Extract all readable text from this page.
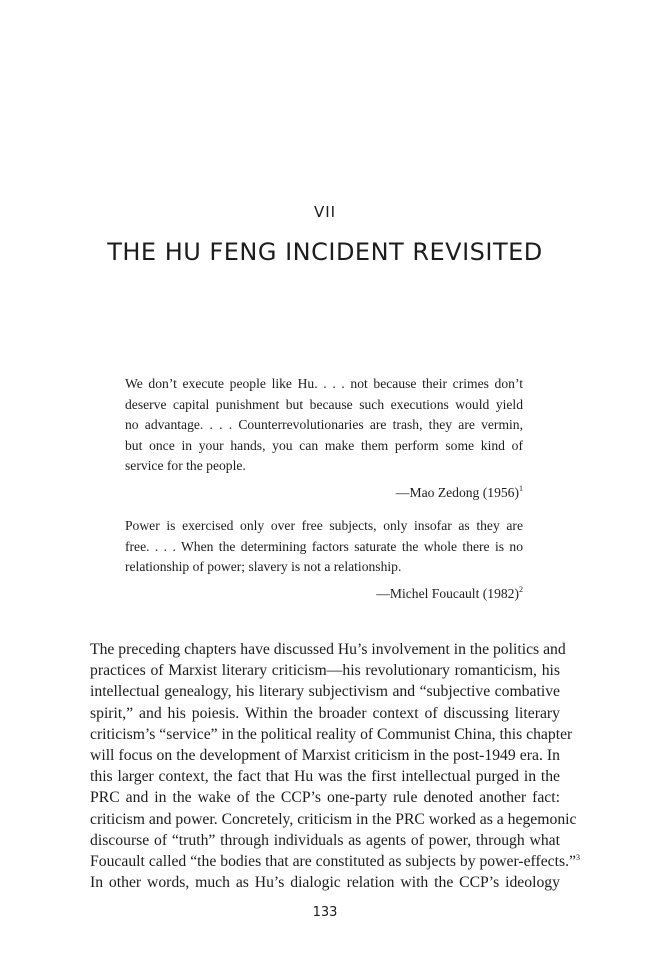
VII
THE HU FENG INCIDENT REVISITED
We don’t execute people like Hu. . . . not because their crimes don’t
deserve capital punishment but because such executions would yield
no advantage. . . . Counterrevolutionaries are trash, they are vermin,
but once in your hands, you can make them perform some kind of
service for the people.
—Mao Zedong $(1956)^1$
Power is exercised only over free subjects, only insofar as they are
free. . . . When the determining factors saturate the whole there is no
relationship of power; slavery is not a relationship.
—Michel Foucault $(1982)^2$
The preceding chapters have discussed Hu’s involvement in the politics and
practices of Marxist literary criticism—his revolutionary romanticism, his
intellectual genealogy, his literary subjectivism and “subjective combative
spirit,” and his poiesis. Within the broader context of discussing literary
criticism’s “service” in the political reality of Communist China, this chapter
will focus on the development of Marxist criticism in the post-1949 era. In
this larger context, the fact that Hu was the first intellectual purged in the
PRC and in the wake of the CCP’s one-party rule denoted another fact:
criticism and power. Concretely, criticism in the PRC worked as a hegemonic
discourse of “truth” through individuals as agents of power, through what
Foucault called “the bodies that are constituted as subjects by power-effects.”$^3$
In other words, much as Hu’s dialogic relation with the CCP’s ideology
133
